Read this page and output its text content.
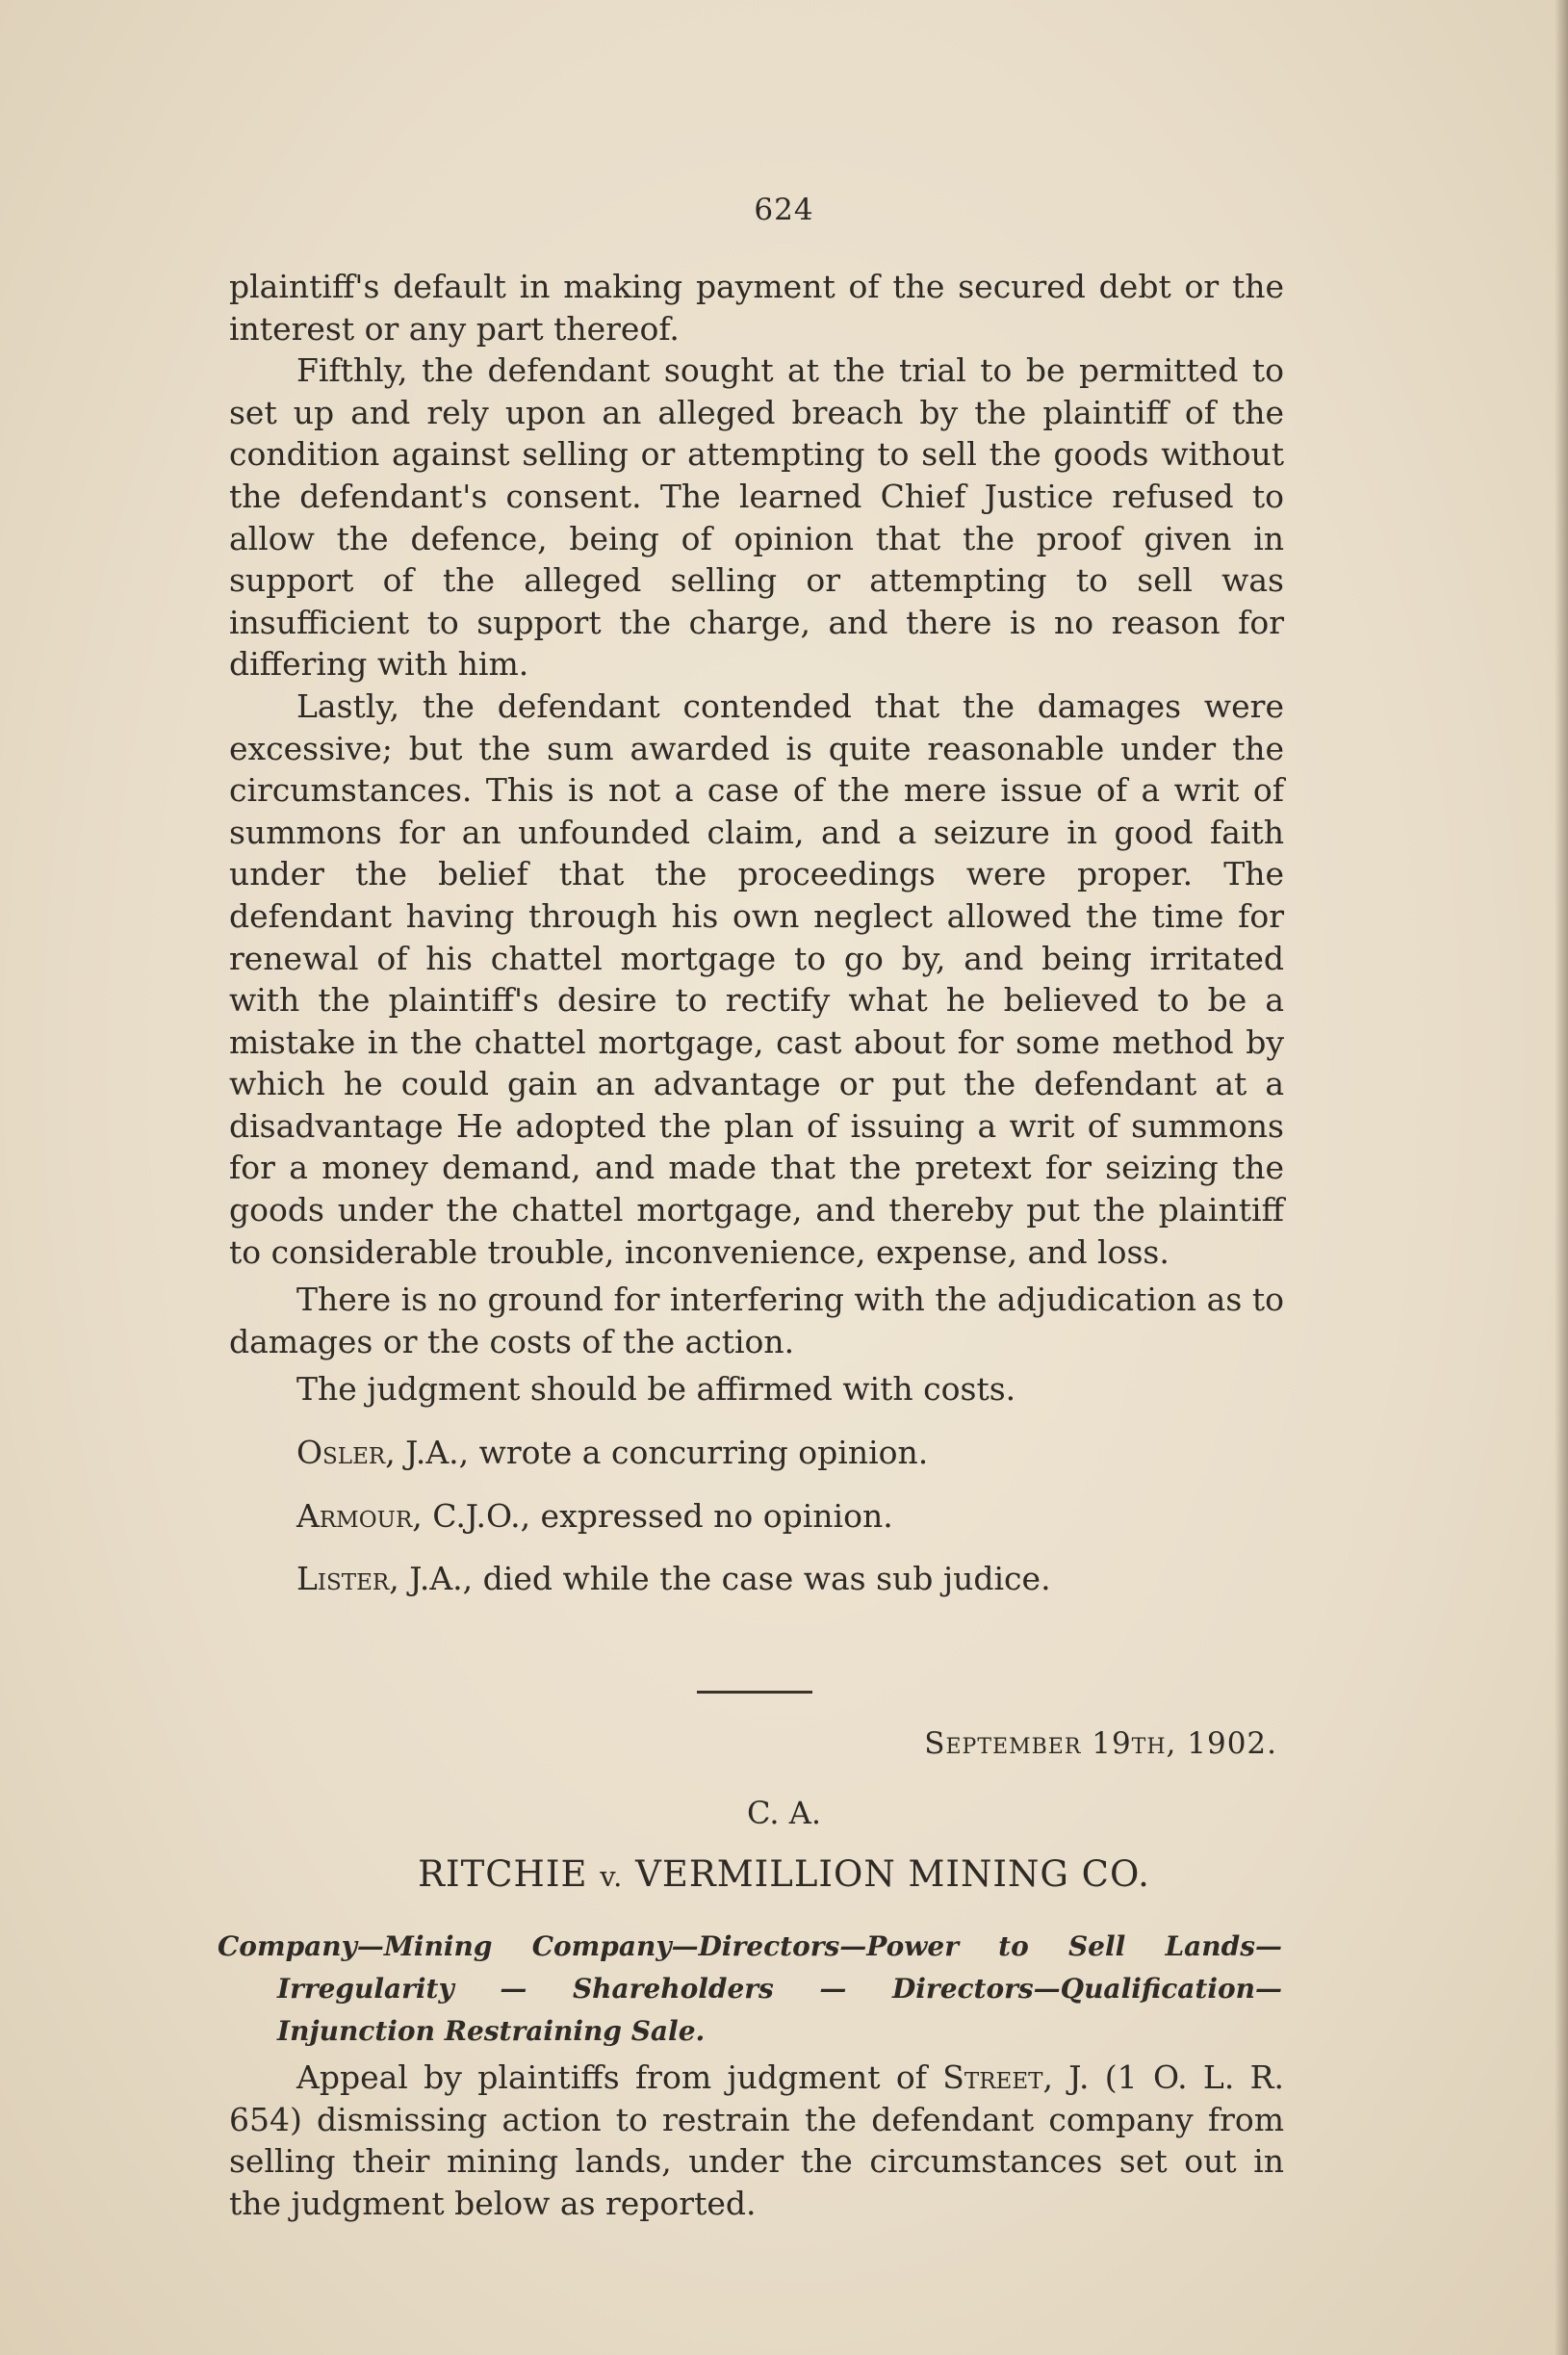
624

plaintiff's default in making payment of the secured debt or the interest or any part thereof.

Fifthly, the defendant sought at the trial to be permitted to set up and rely upon an alleged breach by the plaintiff of the condition against selling or attempting to sell the goods without the defendant's consent. The learned Chief Justice refused to allow the defence, being of opinion that the proof given in support of the alleged selling or attempting to sell was insufficient to support the charge, and there is no reason for differing with him.

Lastly, the defendant contended that the damages were excessive; but the sum awarded is quite reasonable under the circumstances. This is not a case of the mere issue of a writ of summons for an unfounded claim, and a seizure in good faith under the belief that the proceedings were proper. The defendant having through his own neglect allowed the time for renewal of his chattel mortgage to go by, and being irritated with the plaintiff's desire to rectify what he believed to be a mistake in the chattel mortgage, cast about for some method by which he could gain an advantage or put the defendant at a disadvantage He adopted the plan of issuing a writ of summons for a money demand, and made that the pretext for seizing the goods under the chattel mortgage, and thereby put the plaintiff to considerable trouble, inconvenience, expense, and loss.

There is no ground for interfering with the adjudication as to damages or the costs of the action.

The judgment should be affirmed with costs.

Osler, J.A., wrote a concurring opinion.

Armour, C.J.O., expressed no opinion.

Lister, J.A., died while the case was sub judice.

September 19th, 1902.
C. A.
RITCHIE v. VERMILLION MINING CO.
Company—Mining Company—Directors—Power to Sell Lands—Irregularity — Shareholders — Directors—Qualification—Injunction Restraining Sale.

Appeal by plaintiffs from judgment of Street, J. (1 O. L. R. 654) dismissing action to restrain the defendant company from selling their mining lands, under the circumstances set out in the judgment below as reported.
